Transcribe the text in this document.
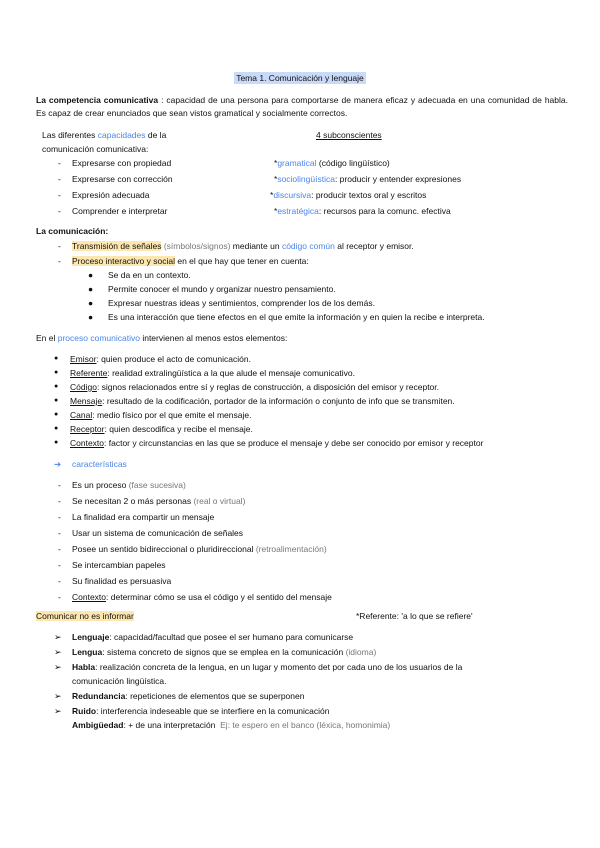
Tema 1. Comunicación y lenguaje
La competencia comunicativa : capacidad de una persona para comportarse de manera eficaz y adecuada en una comunidad de habla. Es capaz de crear enunciados que sean vistos gramatical y socialmente correctos.
Las diferentes capacidades de la	4 subconscientes
comunicación comunicativa:
- Expresarse con propiedad	*gramatical (código lingüístico)
- Expresarse con corrección	*sociolingüística: producir y entender expresiones
- Expresión adecuada	*discursiva: producir textos oral y escritos
- Comprender e interpretar	*estratégica: recursos para la comunc. efectiva
La comunicación:
- Transmisión de señales (símbolos/signos) mediante un código común al receptor y emisor.
- Proceso interactivo y social en el que hay que tener en cuenta:
● Se da en un contexto.
● Permite conocer el mundo y organizar nuestro pensamiento.
● Expresar nuestras ideas y sentimientos, comprender los de los demás.
● Es una interacción que tiene efectos en el que emite la información y en quien la recibe e interpreta.
En el proceso comunicativo intervienen al menos estos elementos:
● Emisor: quien produce el acto de comunicación.
● Referente: realidad extralingüística a la que alude el mensaje comunicativo.
● Código: signos relacionados entre sí y reglas de construcción, a disposición del emisor y receptor.
● Mensaje: resultado de la codificación, portador de la información o conjunto de info que se transmiten.
● Canal: medio físico por el que emite el mensaje.
● Receptor: quien descodifica y recibe el mensaje.
● Contexto: factor y circunstancias en las que se produce el mensaje y debe ser conocido por emisor y receptor
➔ características
- Es un proceso (fase sucesiva)
- Se necesitan 2 o más personas (real o virtual)
- La finalidad era compartir un mensaje
- Usar un sistema de comunicación de señales
- Posee un sentido bidireccional o pluridireccional (retroalimentación)
- Se intercambian papeles
- Su finalidad es persuasiva
- Contexto: determinar cómo se usa el código y el sentido del mensaje
Comunicar no es informar	*Referente: 'a lo que se refiere'
➢ Lenguaje: capacidad/facultad que posee el ser humano para comunicarse
➢ Lengua: sistema concreto de signos que se emplea en la comunicación (idioma)
➢ Habla: realización concreta de la lengua, en un lugar y momento det por cada uno de los usuarios de la
comunicación lingüística.
➢ Redundancia: repeticiones de elementos que se superponen
➢ Ruido: interferencia indeseable que se interfiere en la comunicación
Ambigüedad: + de una interpretación Ej: te espero en el banco (léxica, homonimia)
